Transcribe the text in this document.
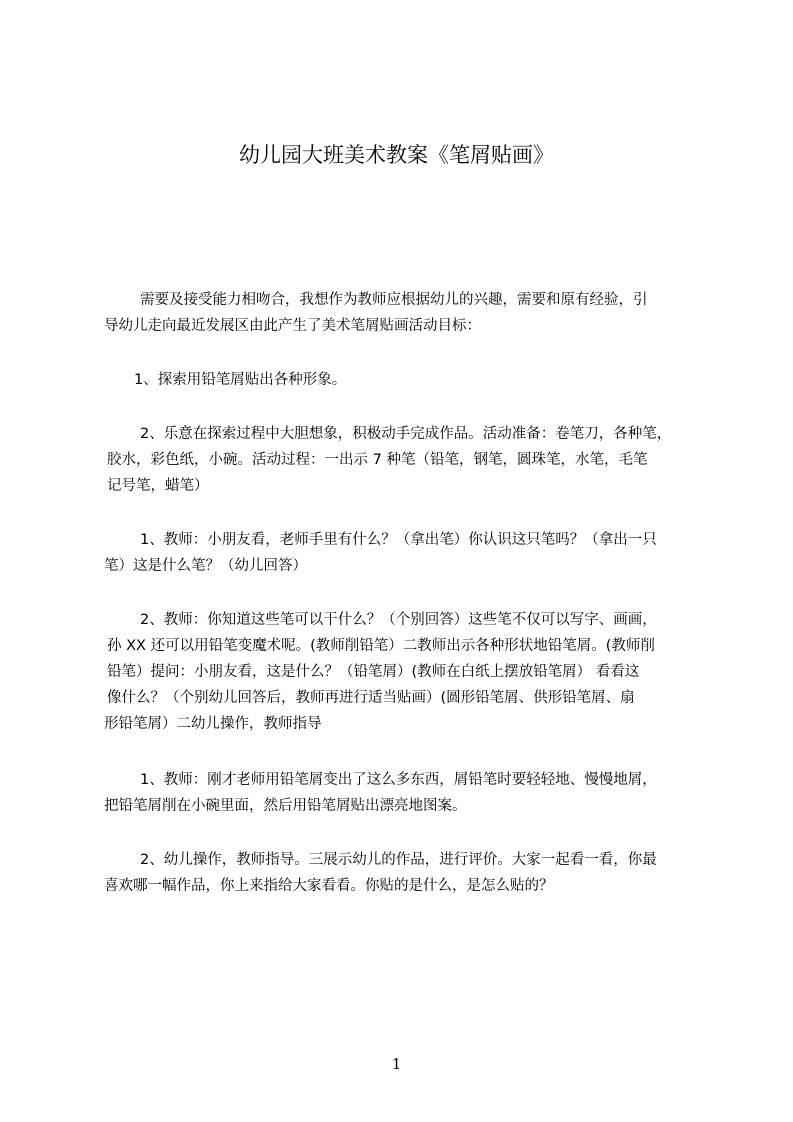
幼儿园大班美术教案《笔屑贴画》
需要及接受能力相吻合，我想作为教师应根据幼儿的兴趣，需要和原有经验，引
导幼儿走向最近发展区由此产生了美术笔屑贴画活动目标：
1、探索用铅笔屑贴出各种形象。
2、乐意在探索过程中大胆想象，积极动手完成作品。活动准备：卷笔刀，各种笔，
胶水，彩色纸，小碗。活动过程：一出示 7 种笔（铅笔，钢笔，圆珠笔，水笔，毛笔
记号笔，蜡笔）
1、教师：小朋友看，老师手里有什么？（拿出笔）你认识这只笔吗？（拿出一只
笔）这是什么笔？（幼儿回答）
2、教师：你知道这些笔可以干什么？（个别回答）这些笔不仅可以写字、画画，
孙 XX 还可以用铅笔变魔术呢。(教师削铅笔）二教师出示各种形状地铅笔屑。(教师削
铅笔）提问：小朋友看，这是什么？（铅笔屑）(教师在白纸上摆放铅笔屑） 看看这
像什么？（个别幼儿回答后，教师再进行适当贴画）(圆形铅笔屑、供形铅笔屑、扇
形铅笔屑）二幼儿操作，教师指导
1、教师：刚才老师用铅笔屑变出了这么多东西，屑铅笔时要轻轻地、慢慢地屑，
把铅笔屑削在小碗里面，然后用铅笔屑贴出漂亮地图案。
2、幼儿操作，教师指导。三展示幼儿的作品，进行评价。大家一起看一看，你最
喜欢哪一幅作品，你上来指给大家看看。你贴的是什么，是怎么贴的？
1
